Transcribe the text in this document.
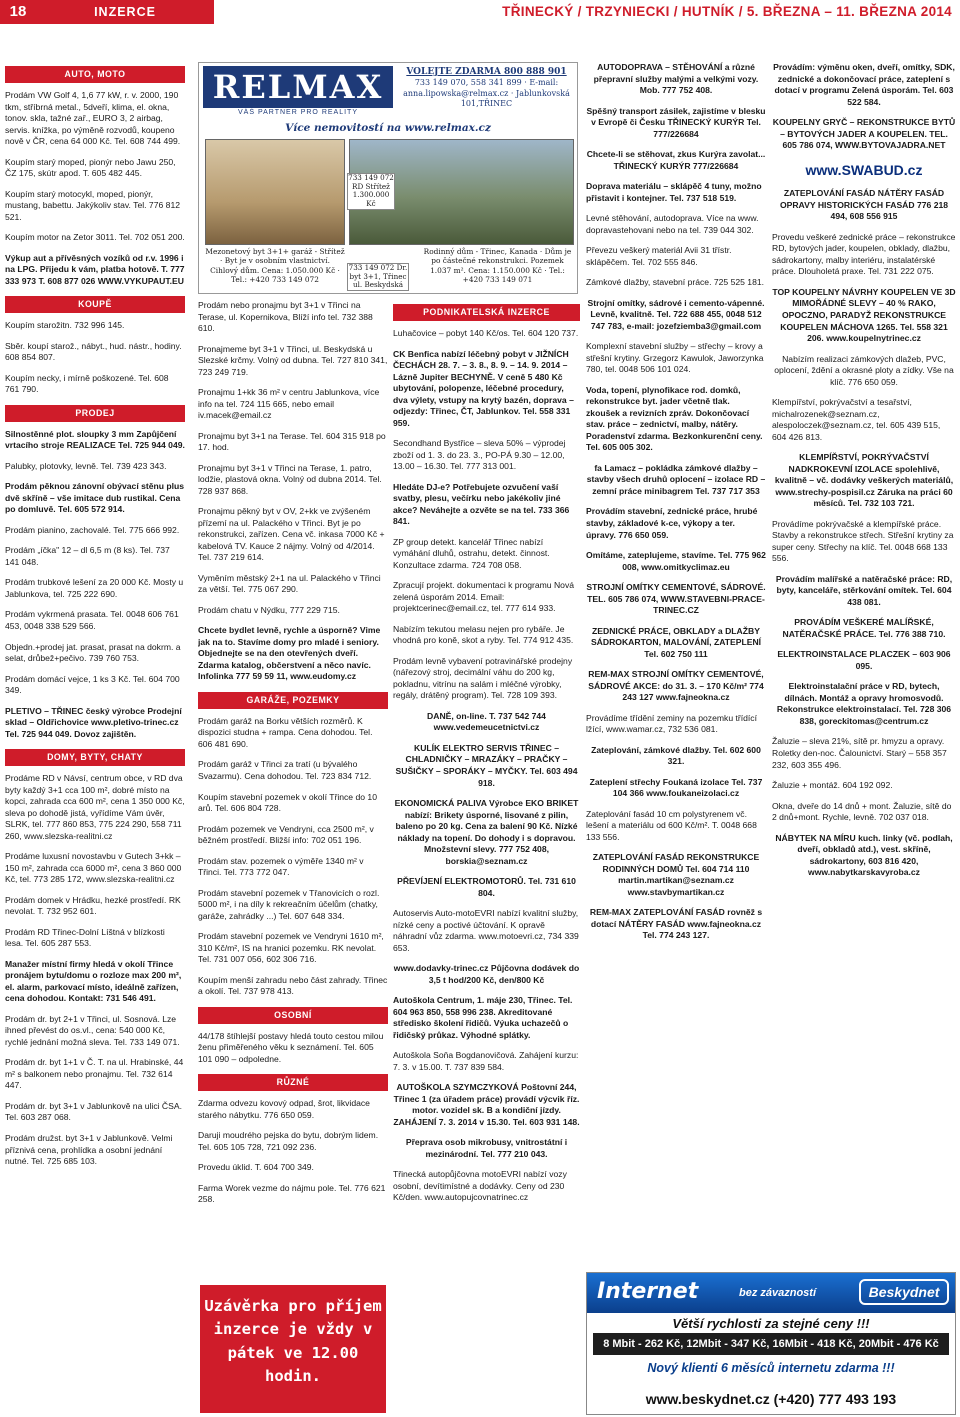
18	INZERCE	TŘINECKÝ / TRZYNIECKI / HUTNÍK / 5. BŘEZNA – 11. BŘEZNA 2014
AUTO, MOTO
Prodám VW Golf 4, 1,6 77 kW, r. v. 2000, 190 tkm, stříbrná metal., 5dveří, klima, el. okna, tonov. skla, tažné zař., EURO 3, 2 airbag, servis. knížka, po výměně rozvodů, koupeno nově v ČR, cena 64 000 Kč. Tel. 608 744 499.
Koupím starý moped, pionýr nebo Jawu 250, ČZ 175, skútr apod. T. 605 482 445.
Koupím starý motocykl, moped, pionýr, mustang, babettu. Jakýkoliv stav. Tel. 776 812 521.
Koupím motor na Zetor 3011. Tel. 702 051 200.
Výkup aut a přívěsných vozíků od r.v. 1996 i na LPG. Přijedu k vám, platba hotově. T. 777 333 973 T. 608 877 026 WWW.VYKUPAUT.EU
KOUPĚ
Koupím starožitn. 732 996 145.
Sběr. koupí starož., nábyt., hud. nástr., hodiny. 608 854 807.
Koupím necky, i mírně poškozené. Tel. 608 761 790.
PRODEJ
Silnostěnné plot. sloupky 3 mm Zapůjčení vrtacího stroje REALIZACE Tel. 725 944 049.
Palubky, plotovky, levně. Tel. 739 423 343.
Prodám pěknou zánovní obývací stěnu plus dvě skříně – vše imitace dub rustikal. Cena po domluvě. Tel. 605 572 914.
Prodám pianino, zachovalé. Tel. 775 666 992.
Prodám „íčka" 12 – dl 6,5 m (8 ks). Tel. 737 141 048.
Prodám trubkové lešení za 20 000 Kč. Mosty u Jablunkova, tel. 725 222 690.
Prodám vykrmená prasata. Tel. 0048 606 761 453, 0048 338 529 566.
Objedn.+prodej jat. prasat, prasat na dokrm. a selat, drůbež+pečivo. 739 760 753.
Prodám domácí vejce, 1 ks 3 Kč. Tel. 604 700 349.
PLETIVO – TŘINEC český výrobce Prodejní sklad – Oldřichovice www.pletivo-trinec.cz Tel. 725 944 049. Dovoz zajištěn.
DOMY, BYTY, CHATY
Prodáme RD v Návsí, centrum obce, v RD dva byty každý 3+1 cca 100 m², dobré místo na kopci, zahrada cca 600 m², cena 1 350 000 Kč, sleva po dohodě jistá, vyřídíme Vám úvěr, SLRK, tel. 777 860 853, 775 224 290, 558 711 260, www.slezska-realitni.cz
Prodáme luxusní novostavbu v Gutech 3+kk – 150 m², zahrada cca 6000 m², cena 3 860 000 Kč, tel. 773 285 172, www.slezska-realitni.cz
Prodám domek v Hrádku, hezké prostředí. RK nevolat. T. 732 952 601.
Prodám RD Třinec-Dolní Líštná v blízkosti lesa. Tel. 605 287 553.
Manažer místní firmy hledá v okolí Třince pronájem bytu/domu o rozloze max 200 m², el. alarm, parkovací místo, ideálně zařízen, cena dohodou. Kontakt: 731 546 491.
Prodám dr. byt 2+1 v Třinci, ul. Sosnová. Lze ihned převést do os.vl., cena: 540 000 Kč, rychlé jednání možná sleva. Tel. 733 149 071.
Prodám dr. byt 1+1 v Č. T. na ul. Hrabinské, 44 m² s balkonem nebo pronajmu. Tel. 732 614 447.
Prodám dr. byt 3+1 v Jablunkově na ulici ČSA. Tel. 603 287 068.
Prodám družst. byt 3+1 v Jablunkově. Velmi příznivá cena, prohlídka a osobní jednání nutné. Tel. 725 685 103.
RELMAX
VÁŠ PARTNER PRO REALITY
VOLEJTE ZDARMA 800 888 901
733 149 070, 558 341 899 · E-mail: anna.lipowska@relmax.cz · Jablunkovská 101,TŘINEC
Více nemovitostí na www.relmax.cz
733 149 072 RD Střítež 1.300.000 Kč
733 149 072 Dr. byt 3+1, Třinec ul. Beskydská
Mezonetový byt 3+1+ garáž - Střítež · Byt je v osobním vlastnictví. Cihlový dům. Cena: 1.050.000 Kč · Tel.: +420 733 149 072
Rodinný dům - Třinec, Kanada · Dům je po částečné rekonstrukci. Pozemek 1.037 m². Cena: 1.150.000 Kč · Tel.: +420 733 149 071
Prodám nebo pronajmu byt 3+1 v Třinci na Terase, ul. Kopernikova, Blíží info tel. 732 388 610.
Pronajmeme byt 3+1 v Třinci, ul. Beskydská u Slezské krčmy. Volný od dubna. Tel. 727 810 341, 723 249 719.
Pronajmu 1+kk 36 m² v centru Jablunkova, více info na tel. 724 115 665, nebo email iv.macek@email.cz
Pronajmu byt 3+1 na Terase. Tel. 604 315 918 po 17. hod.
Pronajmu byt 3+1 v Třinci na Terase, 1. patro, lodžie, plastová okna. Volný od dubna 2014. Tel. 728 937 868.
Pronajmu pěkný byt v OV, 2+kk ve zvýšeném přízemí na ul. Palackého v Třinci. Byt je po rekonstrukci, zařízen. Cena vč. inkasa 7000 Kč + kabelová TV. Kauce 2 nájmy. Volný od 4/2014. Tel. 737 219 614.
Vyměním městský 2+1 na ul. Palackého v Třinci za větší. Tel. 775 067 290.
Prodám chatu v Nýdku, 777 229 715.
Chcete bydlet levně, rychle a úsporně? Vime jak na to. Stavíme domy pro mladé i seniory. Objednejte se na den otevřených dveří. Zdarma katalog, občerstvení a něco navíc. Infolinka 777 59 59 11, www.eudomy.cz
GARÁŽE, POZEMKY
Prodám garáž na Borku větších rozměrů. K dispozici studna + rampa. Cena dohodou. Tel. 606 481 690.
Prodám garáž v Třinci za tratí (u bývalého Svazarmu). Cena dohodou. Tel. 723 834 712.
Koupím stavební pozemek v okolí Třince do 10 arů. Tel. 606 804 728.
Prodám pozemek ve Vendryni, cca 2500 m², v běžném prostředí. Bližší info: 702 051 196.
Prodám stav. pozemek o výměře 1340 m² v Třinci. Tel. 773 772 047.
Prodám stavební pozemek v Třanovicích o rozl. 5000 m², i na díly k rekreačním účelům (chatky, garáže, zahrádky ...) Tel. 607 648 334.
Prodám stavební pozemek ve Vendryni 1610 m², 310 Kč/m², IS na hranici pozemku. RK nevolat. Tel. 731 007 056, 602 306 716.
Koupím menší zahradu nebo část zahrady. Třinec a okolí. Tel. 737 978 413.
OSOBNÍ
44/178 štíhlejší postavy hledá touto cestou milou ženu přiměřeného věku k seznámení. Tel. 605 101 090 – odpoledne.
RŮZNÉ
Zdarma odvezu kovový odpad, šrot, likvidace starého nábytku. 776 650 059.
Daruji moudrého pejska do bytu, dobrým lidem. Tel. 605 105 728, 721 092 236.
Provedu úklid. T. 604 700 349.
Farma Worek vezme do nájmu pole. Tel. 776 621 258.
Uzávěrka pro příjem inzerce je vždy v pátek ve 12.00 hodin.
PODNIKATELSKÁ INZERCE
Luhačovice – pobyt 140 Kč/os. Tel. 604 120 737.
CK Benfica nabízí léčebný pobyt v JIŽNÍCH ČECHÁCH 28. 7. – 3. 8., 8. 9. – 14. 9. 2014 – Lázně Jupiter BECHYNĚ. V ceně 5 480 Kč ubytování, polopenze, léčebné procedury, dva výlety, vstupy na krytý bazén, doprava – odjezdy: Třinec, ČT, Jablunkov. Tel. 558 331 959.
Secondhand Bystřice – sleva 50% – výprodej zboží od 1. 3. do 23. 3., PO-PÁ 9.30 – 12.00, 13.00 – 16.30. Tel. 777 313 001.
Hledáte DJ-e? Potřebujete ozvučení vaší svatby, plesu, večírku nebo jakékoliv jiné akce? Neváhejte a ozvěte se na tel. 733 366 841.
ZP group detekt. kancelář Třinec nabízí vymáhání dluhů, ostrahu, detekt. činnost. Konzultace zdarma. 724 708 058.
Zpracují projekt. dokumentaci k programu Nová zelená úsporám 2014. Email: projektcerinec@email.cz, tel. 777 614 933.
Nabízím tekutou melasu nejen pro rybáře. Je vhodná pro koně, skot a ryby. Tel. 774 912 435.
Prodám levně vybavení potravinářské prodejny (nářezový stroj, decimální váhu do 200 kg, pokladnu, vitrínu na salám i mléčné výrobky, regály, drátěný program). Tel. 728 109 393.
DANĚ, on-line. T. 737 542 744 www.vedemeucetnictvi.cz
KULÍK ELEKTRO SERVIS TŘINEC – CHLADNIČKY – MRAZÁKY – PRAČKY – SUŠIČKY – SPORÁKY – MYČKY. Tel. 603 494 918.
EKONOMICKÁ PALIVA Výrobce EKO BRIKET nabízí: Brikety úsporné, lisované z pilin, baleno po 20 kg. Cena za balení 90 Kč. Nízké náklady na topení. Do dohody i s dopravou. Množstevní slevy. 777 752 408, borskia@seznam.cz
PŘEVÍJENÍ ELEKTROMOTORŮ. Tel. 731 610 804.
Autoservis Auto-motoEVRI nabízí kvalitní služby, nízké ceny a poctivé účtování. K opravě náhradní vůz zdarma. www.motoevri.cz, 734 339 653.
www.dodavky-trinec.cz Půjčovna dodávek do 3,5 t hod/200 Kč, den/800 Kč
Autoškola Centrum, 1. máje 230, Třinec. Tel. 604 963 850, 558 996 238. Akreditované středisko školení řidičů. Výuka uchazečů o řidičský průkaz. Výhodné splátky.
Autoškola Soňa Bogdanovičová. Zahájení kurzu: 7. 3. v 15.00. T. 737 839 584.
AUTOŠKOLA SZYMCZYKOVÁ Poštovní 244, Třinec 1 (za úřadem práce) provádí výcvik říz. motor. vozidel sk. B a kondiční jízdy. ZAHÁJENÍ 7. 3. 2014 v 15.30. Tel. 603 931 148.
Přeprava osob mikrobusy, vnitrostátní i mezinárodní. Tel. 777 210 043.
Třinecká autopůjčovna motoEVRI nabízí vozy osobní, devítimístné a dodávky. Ceny od 230 Kč/den. www.autopujcovnatrinec.cz
AUTODOPRAVA – STĚHOVÁNÍ a různé přepravní služby malými a velkými vozy. Mob. 777 752 408.
Spěšný transport zásilek, zajistíme v blesku v Evropě či Česku TŘINECKÝ KURÝR Tel. 777/226684
Chcete-li se stěhovat, zkus Kurýra zavolat... TŘINECKÝ KURÝR 777/226684
Doprava materiálu – sklápěč 4 tuny, možno přistavit i kontejner. Tel. 737 518 519.
Levné stěhování, autodoprava. Více na www. dopravastehovani nebo na tel. 739 044 302.
Převezu veškerý materiál Avii 31 třístr. sklápěčem. Tel. 702 555 846.
Zámkové dlažby, stavební práce. 725 525 181.
Strojní omítky, sádrové i cemento-vápenné. Levně, kvalitně. Tel. 722 688 455, 0048 512 747 783, e-mail: jozefziemba3@gmail.com
Komplexní stavební služby – střechy – krovy a střešní krytiny. Grzegorz Kawulok, Jaworzynka 780, tel. 0048 506 101 024.
Voda, topení, plynofikace rod. domků, rekonstrukce byt. jader včetně tlak. zkoušek a revizních zpráv. Dokončovací stav. práce – zednictví, malby, nátěry. Poradenství zdarma. Bezkonkurenční ceny. Tel. 605 005 302.
fa Lamacz – pokládka zámkové dlažby – stavby všech druhů oplocení – izolace RD – zemní práce minibagrem Tel. 737 717 353
Provádím stavební, zednické práce, hrubé stavby, základové k-ce, výkopy a ter. úpravy. 776 650 059.
Omítáme, zateplujeme, stavíme. Tel. 775 962 008, www.omitkyclimaz.eu
STROJNÍ OMÍTKY CEMENTOVÉ, SÁDROVÉ. TEL. 605 786 074, WWW.STAVEBNI-PRACE-TRINEC.CZ
ZEDNICKÉ PRÁCE, OBKLADY a DLAŽBY SÁDROKARTON, MALOVÁNÍ, ZATEPLENÍ Tel. 602 750 111
REM-MAX STROJNÍ OMÍTKY CEMENTOVÉ, SÁDROVÉ AKCE: do 31. 3. – 170 Kč/m² 774 243 127 www.fajneokna.cz
Provádíme třídění zeminy na pozemku třídící lžící, www.wamar.cz, 732 536 081.
Zateplování, zámkové dlažby. Tel. 602 600 321.
Zateplení střechy Foukaná izolace Tel. 737 104 366 www.foukaneizolaci.cz
Zateplování fasád 10 cm polystyrenem vč. lešení a materiálu od 600 Kč/m². T. 0048 668 133 556.
ZATEPLOVÁNÍ FASÁD REKONSTRUKCE RODINNÝCH DOMŮ Tel. 604 714 110 martin.martikan@seznam.cz www.stavbymartikan.cz
REM-MAX ZATEPLOVÁNÍ FASÁD rovněž s dotací NÁTĚRY FASÁD www.fajneokna.cz Tel. 774 243 127.
Provádím: výměnu oken, dveří, omítky, SDK, zednické a dokončovací práce, zateplení s dotací v programu Zelená úsporám. Tel. 603 522 584.
KOUPELNY GRYČ – REKONSTRUKCE BYTŮ – BYTOVÝCH JADER A KOUPELEN. TEL. 605 786 074, WWW.BYTOVAJADRA.NET
www.SWABUD.cz
ZATEPLOVÁNÍ FASÁD NÁTĚRY FASÁD OPRAVY HISTORICKÝCH FASÁD 776 218 494, 608 556 915
Provedu veškeré zednické práce – rekonstrukce RD, bytových jader, koupelen, obklady, dlažbu, sádrokartony, malby interiéru, instalatérské práce. Dlouholetá praxe. Tel. 731 222 075.
TOP KOUPELNY NÁVRHY KOUPELEN VE 3D MIMOŘÁDNÉ SLEVY – 40 % RAKO, OPOCZNO, PARADYŽ REKONSTRUKCE KOUPELEN MÁCHOVA 1265. Tel. 558 321 206. www.koupelnytrinec.cz
Nabízím realizaci zámkových dlažeb, PVC, oplocení, ždění a okrasné ploty a zídky. Vše na klíč. 776 650 059.
Klempířství, pokrývačství a tesařství, michalrozenek@seznam.cz, alespoloczek@seznam.cz, tel. 605 439 515, 604 426 813.
KLEMPÍŘSTVÍ, POKRÝVAČSTVÍ NADKROKEVNÍ IZOLACE spolehlivě, kvalitně – vč. dodávky veškerých materiálů, www.strechy-pospisil.cz Záruka na práci 60 měsíců. Tel. 732 103 721.
Provádíme pokrývačské a klempířské práce. Stavby a rekonstrukce střech. Střešní krytiny za super ceny. Střechy na klíč. Tel. 0048 668 133 556.
Provádím malířské a natěračské práce: RD, byty, kanceláře, stěrkování omítek. Tel. 604 438 081.
PROVÁDÍM VEŠKERÉ MALÍŘSKÉ, NATĚRAČSKÉ PRÁCE. Tel. 776 388 710.
ELEKTROINSTALACE PLACZEK – 603 906 095.
Elektroinstalační práce v RD, bytech, dílnách. Montáž a opravy hromosvodů. Rekonstrukce elektroinstalací. Tel. 728 306 838, goreckitomas@centrum.cz
Žaluzie – sleva 21%, sítě pr. hmyzu a opravy. Roletky den-noc. Čalounictví. Starý – 558 357 232, 603 355 496.
Žaluzie + montáž. 604 192 092.
Okna, dveře do 14 dnů + mont. Žaluzie, sítě do 2 dnů+mont. Rychle, levně. 702 037 018.
NÁBYTEK NA MÍRU kuch. linky (vč. podlah, dveří, obkladů atd.), vest. skříně, sádrokartony, 603 816 420, www.nabytkarskavyroba.cz
Internet	bez závazností	Beskydnet
Větší rychlosti za stejné ceny !!!
8 Mbit - 262 Kč, 12Mbit - 347 Kč, 16Mbit - 418 Kč, 20Mbit - 476 Kč
Nový klienti 6 měsíců internetu zdarma !!!
www.beskydnet.cz (+420) 777 493 193
